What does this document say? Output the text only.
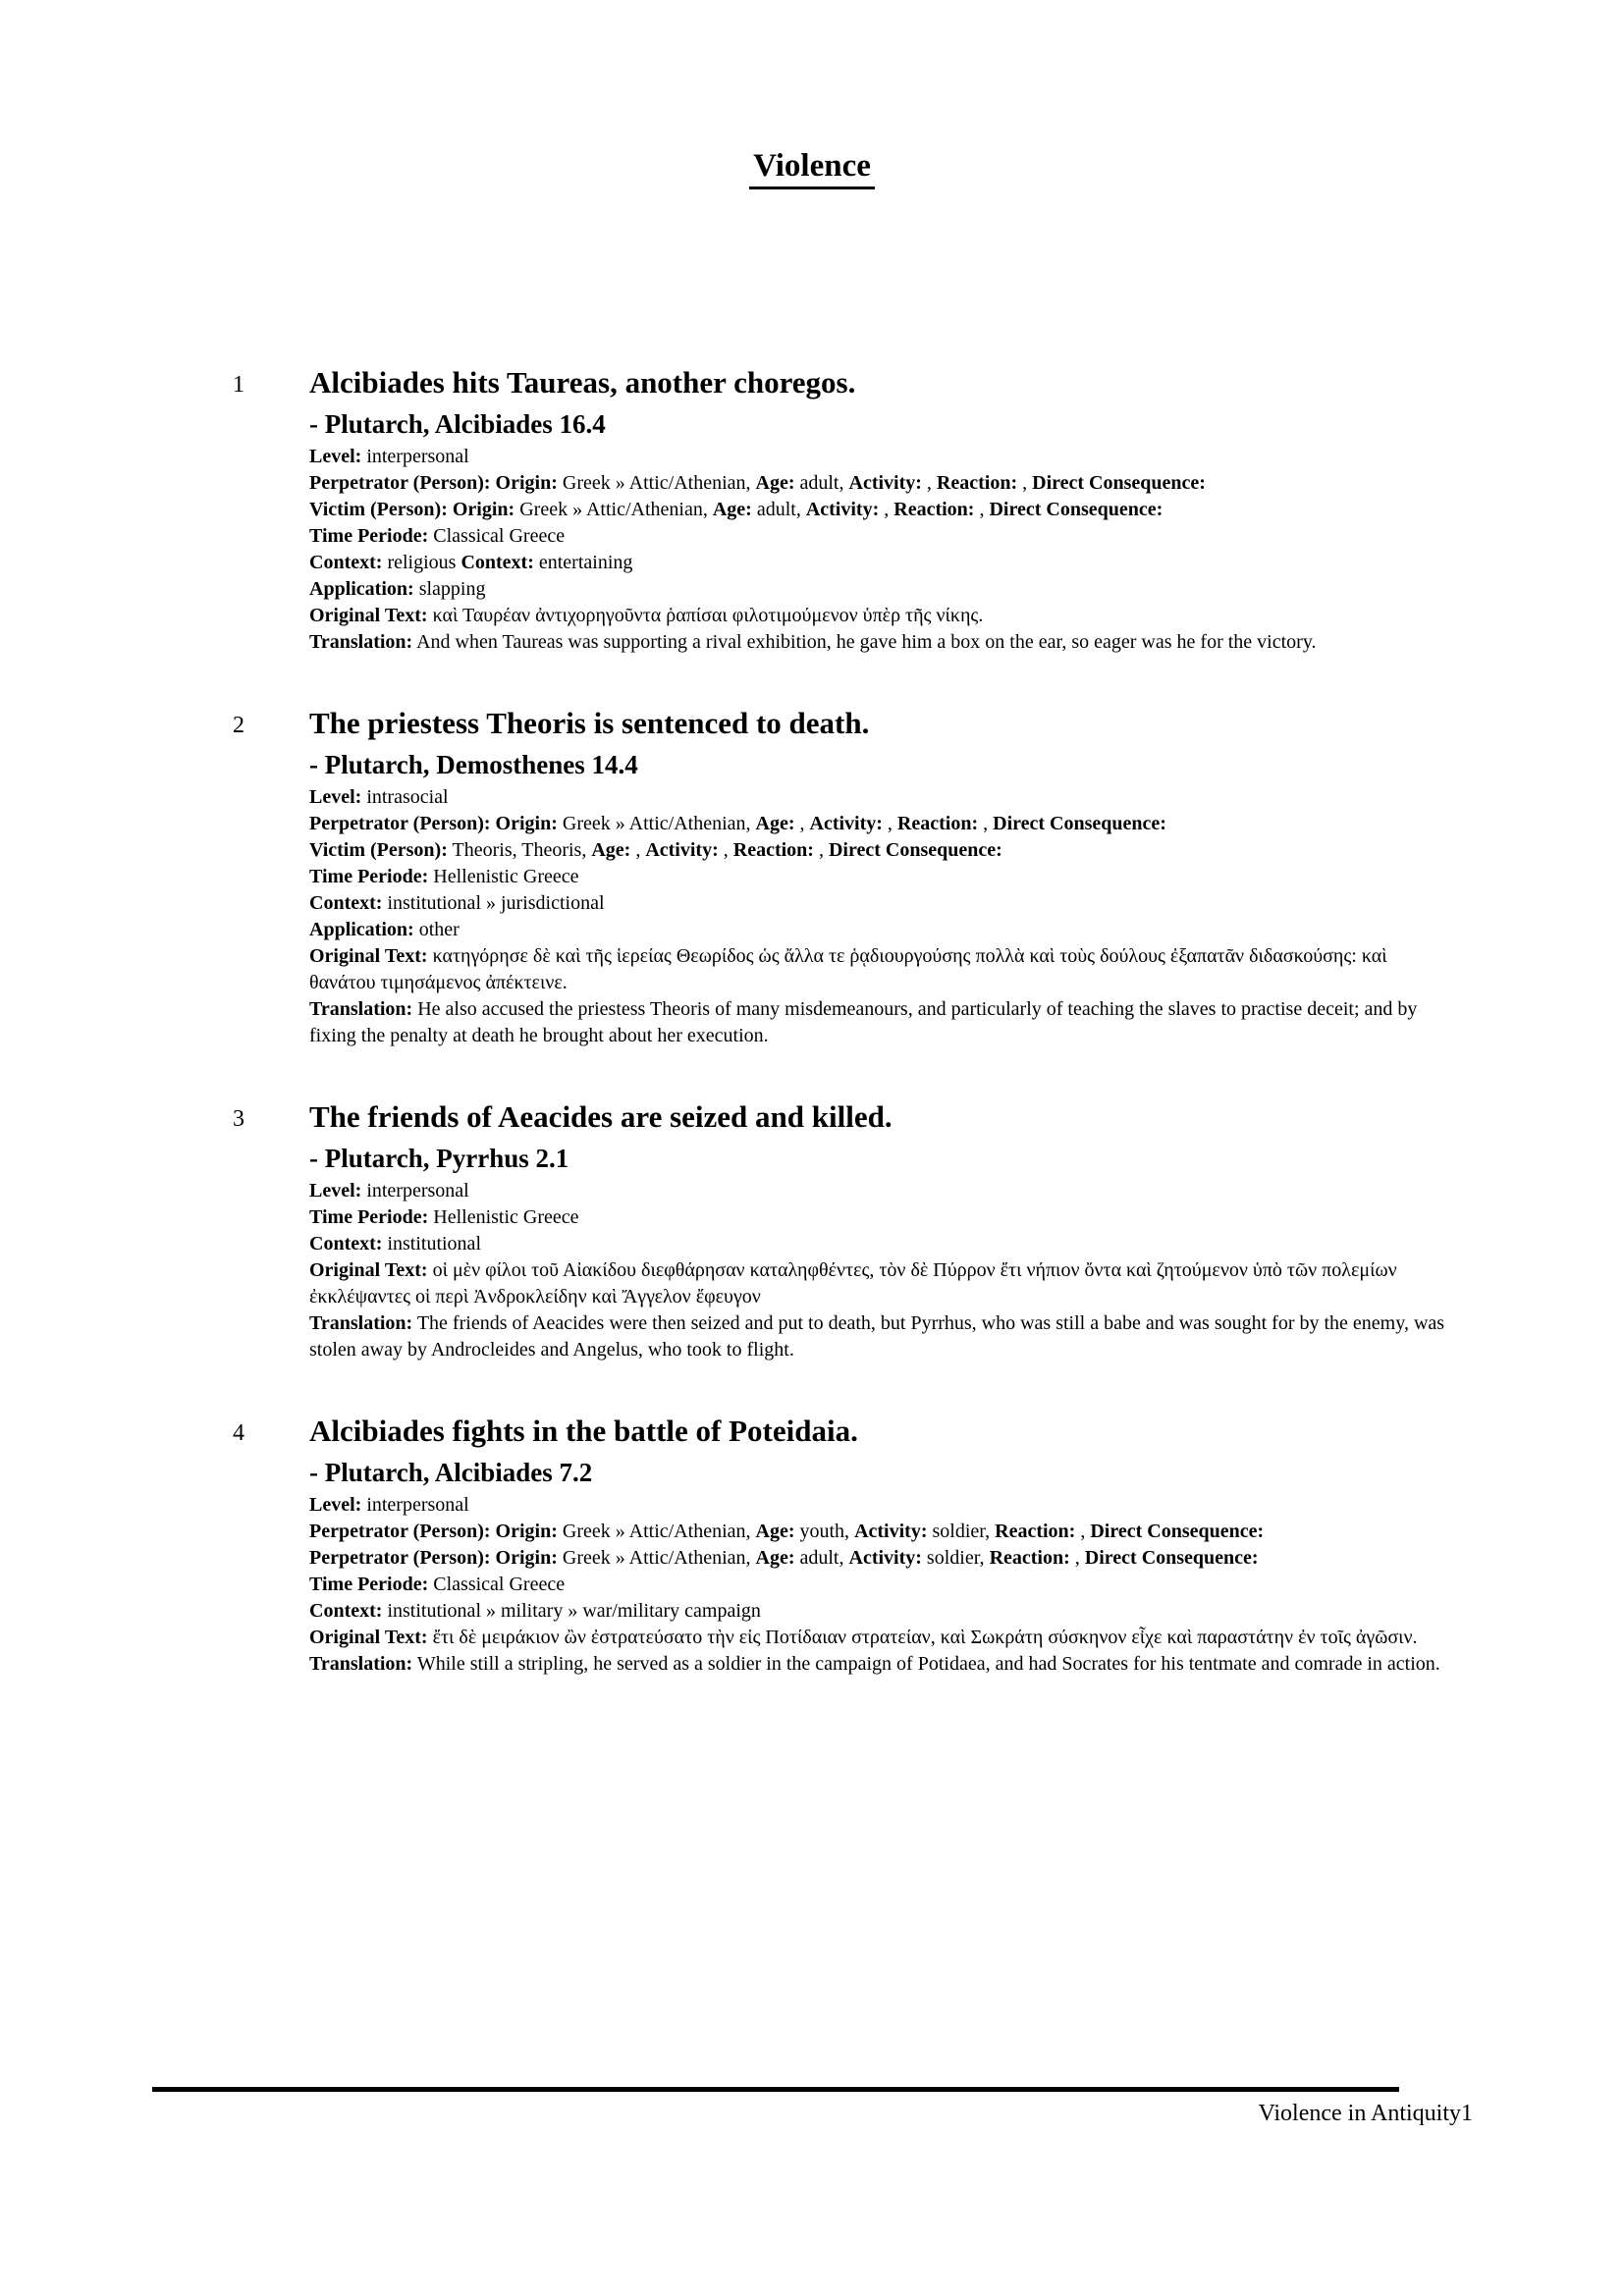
Violence
1	Alcibiades hits Taureas, another choregos.
- Plutarch, Alcibiades 16.4
Level: interpersonal
Perpetrator (Person): Origin: Greek » Attic/Athenian, Age: adult, Activity: , Reaction: , Direct Consequence:
Victim (Person): Origin: Greek » Attic/Athenian, Age: adult, Activity: , Reaction: , Direct Consequence:
Time Periode: Classical Greece
Context: religious Context: entertaining
Application: slapping
Original Text: καὶ Ταυρέαν ἀντιχορηγοῦντα ῥαπίσαι φιλοτιμούμενον ὑπὲρ τῆς νίκης.
Translation: And when Taureas was supporting a rival exhibition, he gave him a box on the ear, so eager was he for the victory.
2	The priestess Theoris is sentenced to death.
- Plutarch, Demosthenes 14.4
Level: intrasocial
Perpetrator (Person): Origin: Greek » Attic/Athenian, Age: , Activity: , Reaction: , Direct Consequence:
Victim (Person): Theoris, Theoris, Age: , Activity: , Reaction: , Direct Consequence:
Time Periode: Hellenistic Greece
Context: institutional » jurisdictional
Application: other
Original Text: κατηγόρησε δὲ καὶ τῆς ἱερείας Θεωρίδος ὡς ἄλλα τε ῥᾳδιουργούσης πολλὰ καὶ τοὺς δούλους ἐξαπατᾶν διδασκούσης: καὶ θανάτου τιμησάμενος ἀπέκτεινε.
Translation: He also accused the priestess Theoris of many misdemeanours, and particularly of teaching the slaves to practise deceit; and by fixing the penalty at death he brought about her execution.
3	The friends of Aeacides are seized and killed.
- Plutarch, Pyrrhus 2.1
Level: interpersonal
Time Periode: Hellenistic Greece
Context: institutional
Original Text: οἱ μὲν φίλοι τοῦ Αἰακίδου διεφθάρησαν καταληφθέντες, τὸν δὲ Πύρρον ἔτι νήπιον ὄντα καὶ ζητούμενον ὑπὸ τῶν πολεμίων ἐκκλέψαντες οἱ περὶ Ἀνδροκλείδην καὶ Ἄγγελον ἔφευγον
Translation: The friends of Aeacides were then seized and put to death, but Pyrrhus, who was still a babe and was sought for by the enemy, was stolen away by Androcleides and Angelus, who took to flight.
4	Alcibiades fights in the battle of Poteidaia.
- Plutarch, Alcibiades 7.2
Level: interpersonal
Perpetrator (Person): Origin: Greek » Attic/Athenian, Age: youth, Activity: soldier, Reaction: , Direct Consequence:
Perpetrator (Person): Origin: Greek » Attic/Athenian, Age: adult, Activity: soldier, Reaction: , Direct Consequence:
Time Periode: Classical Greece
Context: institutional » military » war/military campaign
Original Text: ἔτι δὲ μειράκιον ὢν ἐστρατεύσατο τὴν εἰς Ποτίδαιαν στρατείαν, καὶ Σωκράτη σύσκηνον εἶχε καὶ παραστάτην ἐν τοῖς ἀγῶσιν.
Translation: While still a stripling, he served as a soldier in the campaign of Potidaea, and had Socrates for his tentmate and comrade in action.
Violence in Antiquity1
